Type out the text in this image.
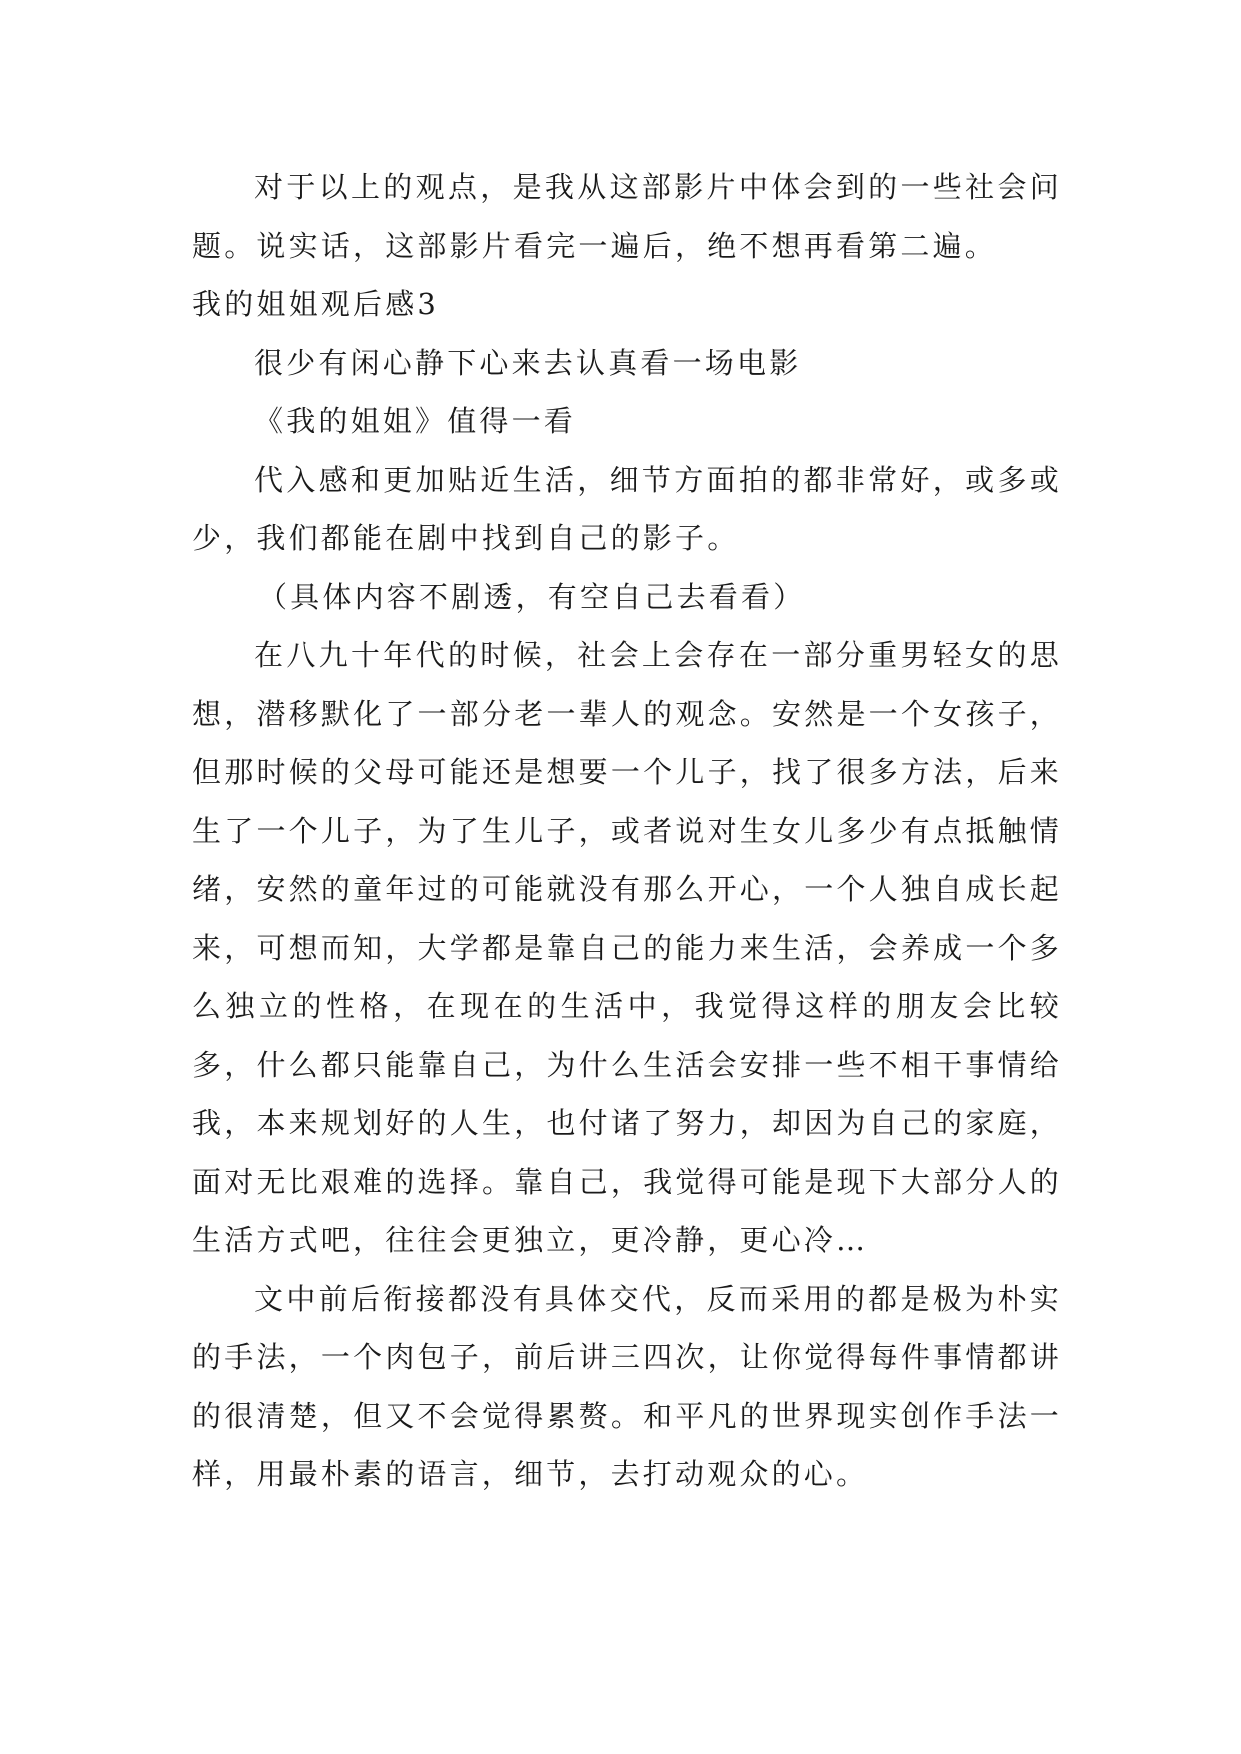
对于以上的观点，是我从这部影片中体会到的一些社会问题。说实话，这部影片看完一遍后，绝不想再看第二遍。

我的姐姐观后感3

很少有闲心静下心来去认真看一场电影

《我的姐姐》值得一看

代入感和更加贴近生活，细节方面拍的都非常好，或多或少，我们都能在剧中找到自己的影子。

（具体内容不剧透，有空自己去看看）

在八九十年代的时候，社会上会存在一部分重男轻女的思想，潜移默化了一部分老一辈人的观念。安然是一个女孩子，但那时候的父母可能还是想要一个儿子，找了很多方法，后来生了一个儿子，为了生儿子，或者说对生女儿多少有点抵触情绪，安然的童年过的可能就没有那么开心，一个人独自成长起来，可想而知，大学都是靠自己的能力来生活，会养成一个多么独立的性格，在现在的生活中，我觉得这样的朋友会比较多，什么都只能靠自己，为什么生活会安排一些不相干事情给我，本来规划好的人生，也付诸了努力，却因为自己的家庭，面对无比艰难的选择。靠自己，我觉得可能是现下大部分人的生活方式吧，往往会更独立，更冷静，更心冷…

文中前后衔接都没有具体交代，反而采用的都是极为朴实的手法，一个肉包子，前后讲三四次，让你觉得每件事情都讲的很清楚，但又不会觉得累赘。和平凡的世界现实创作手法一样，用最朴素的语言，细节，去打动观众的心。
